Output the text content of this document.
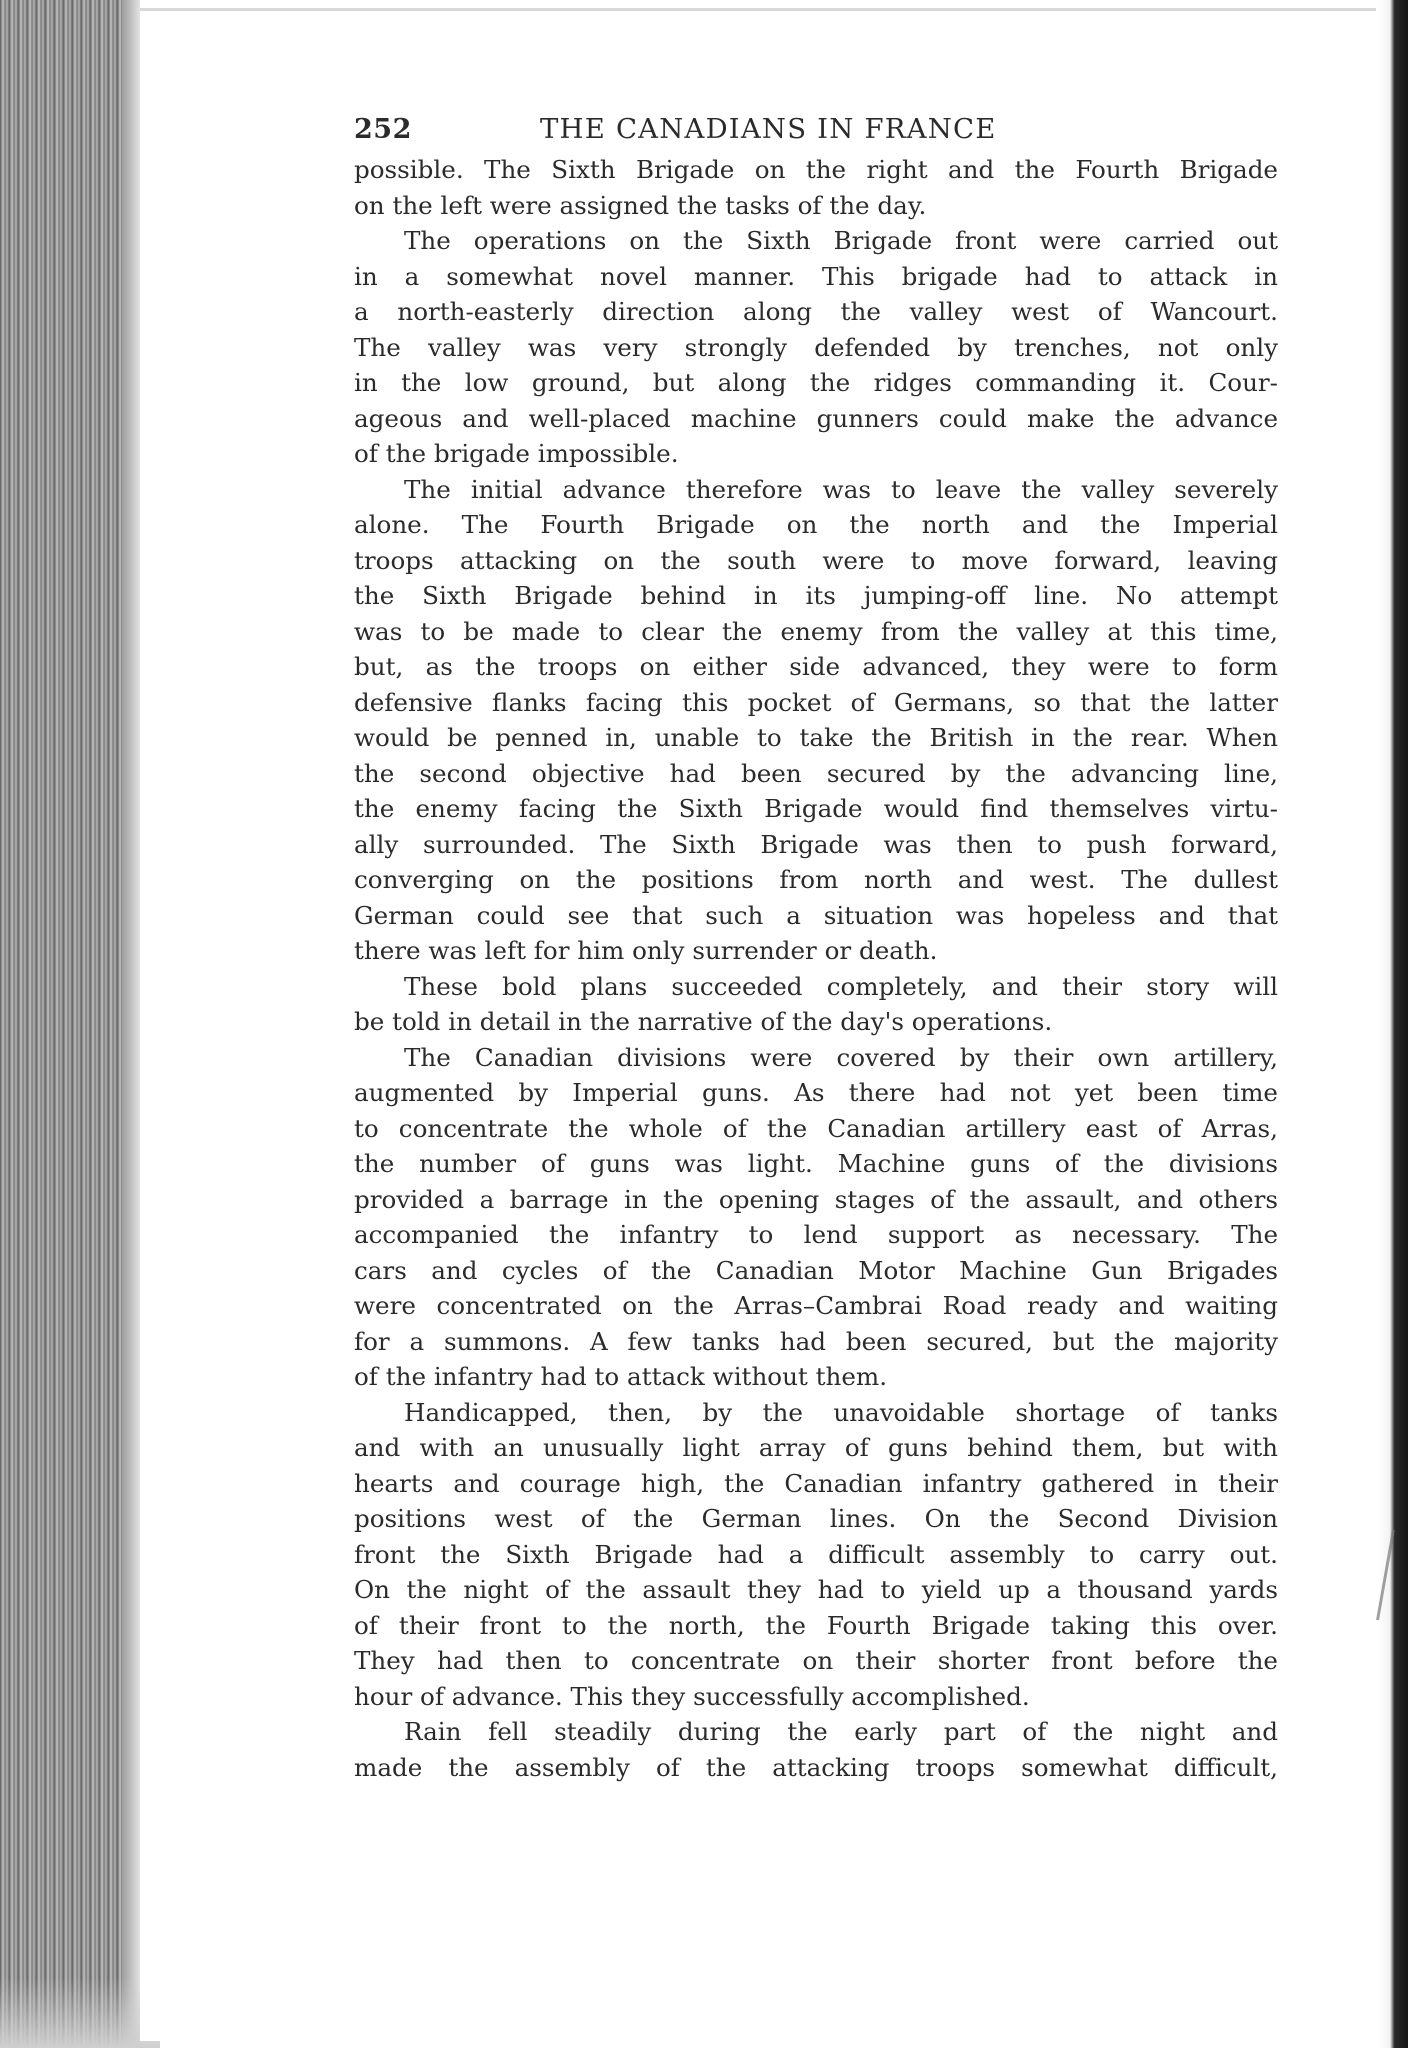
252	THE CANADIANS IN FRANCE
possible. The Sixth Brigade on the right and the Fourth Brigade
on the left were assigned the tasks of the day.
The operations on the Sixth Brigade front were carried out
in a somewhat novel manner. This brigade had to attack in
a north-easterly direction along the valley west of Wancourt.
The valley was very strongly defended by trenches, not only
in the low ground, but along the ridges commanding it. Cour-
ageous and well-placed machine gunners could make the advance
of the brigade impossible.
The initial advance therefore was to leave the valley severely
alone. The Fourth Brigade on the north and the Imperial
troops attacking on the south were to move forward, leaving
the Sixth Brigade behind in its jumping-off line. No attempt
was to be made to clear the enemy from the valley at this time,
but, as the troops on either side advanced, they were to form
defensive flanks facing this pocket of Germans, so that the latter
would be penned in, unable to take the British in the rear. When
the second objective had been secured by the advancing line,
the enemy facing the Sixth Brigade would find themselves virtu-
ally surrounded. The Sixth Brigade was then to push forward,
converging on the positions from north and west. The dullest
German could see that such a situation was hopeless and that
there was left for him only surrender or death.
These bold plans succeeded completely, and their story will
be told in detail in the narrative of the day's operations.
The Canadian divisions were covered by their own artillery,
augmented by Imperial guns. As there had not yet been time
to concentrate the whole of the Canadian artillery east of Arras,
the number of guns was light. Machine guns of the divisions
provided a barrage in the opening stages of the assault, and others
accompanied the infantry to lend support as necessary. The
cars and cycles of the Canadian Motor Machine Gun Brigades
were concentrated on the Arras–Cambrai Road ready and waiting
for a summons. A few tanks had been secured, but the majority
of the infantry had to attack without them.
Handicapped, then, by the unavoidable shortage of tanks
and with an unusually light array of guns behind them, but with
hearts and courage high, the Canadian infantry gathered in their
positions west of the German lines. On the Second Division
front the Sixth Brigade had a difficult assembly to carry out.
On the night of the assault they had to yield up a thousand yards
of their front to the north, the Fourth Brigade taking this over.
They had then to concentrate on their shorter front before the
hour of advance. This they successfully accomplished.
Rain fell steadily during the early part of the night and
made the assembly of the attacking troops somewhat difficult,
